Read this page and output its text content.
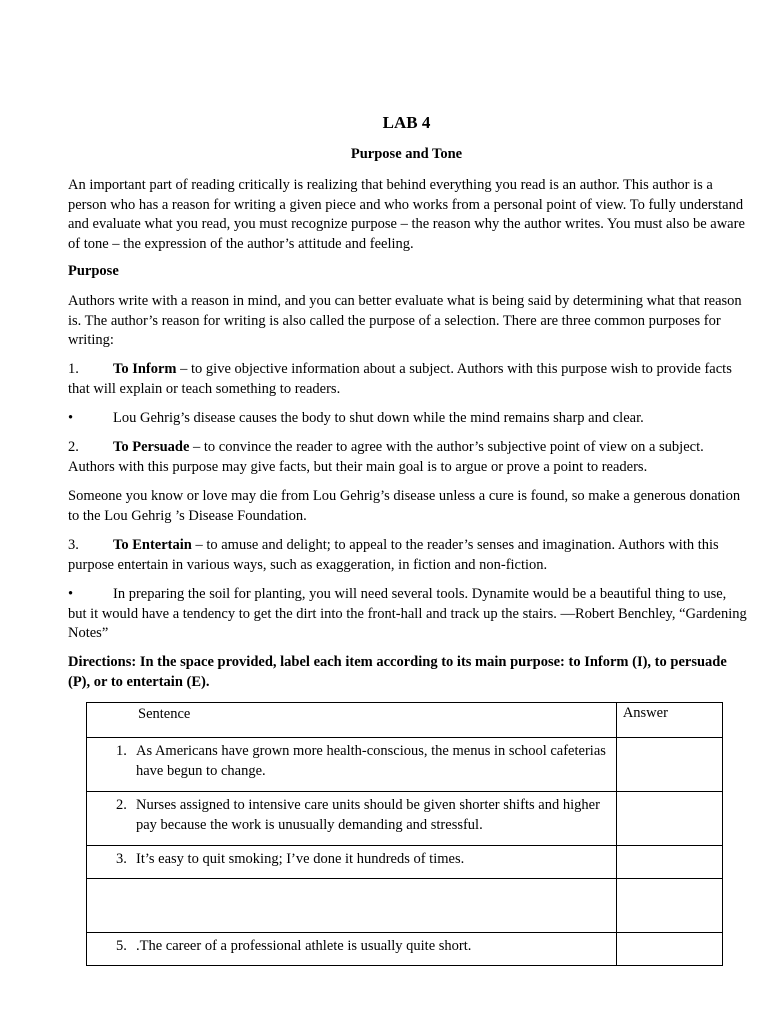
LAB 4
Purpose and Tone

An important part of reading critically is realizing that behind everything you read is an author. This author is a person who has a reason for writing a given piece and who works from a personal point of view. To fully understand and evaluate what you read, you must recognize purpose – the reason why the author writes. You must also be aware of tone – the expression of the author’s attitude and feeling.

Purpose

Authors write with a reason in mind, and you can better evaluate what is being said by determining what that reason is. The author’s reason for writing is also called the purpose of a selection. There are three common purposes for writing:

1. To Inform – to give objective information about a subject. Authors with this purpose wish to provide facts that will explain or teach something to readers.

•	Lou Gehrig’s disease causes the body to shut down while the mind remains sharp and clear.

2. To Persuade – to convince the reader to agree with the author’s subjective point of view on a subject. Authors with this purpose may give facts, but their main goal is to argue or prove a point to readers.

Someone you know or love may die from Lou Gehrig’s disease unless a cure is found, so make a generous donation to the Lou Gehrig ’s Disease Foundation.

3. To Entertain – to amuse and delight; to appeal to the reader’s senses and imagination. Authors with this purpose entertain in various ways, such as exaggeration, in fiction and non-fiction.

•	In preparing the soil for planting, you will need several tools. Dynamite would be a beautiful thing to use, but it would have a tendency to get the dirt into the front-hall and track up the stairs. —Robert Benchley, “Gardening Notes”

Directions: In the space provided, label each item according to its main purpose: to Inform (I), to persuade (P), or to entertain (E).

Sentence	Answer

1. As Americans have grown more health-conscious, the menus in school cafeterias have begun to change.	

2. Nurses assigned to intensive care units should be given shorter shifts and higher pay because the work is unusually demanding and stressful.	

3. It’s easy to quit smoking; I’ve done it hundreds of times.	

5. .The career of a professional athlete is usually quite short.	
